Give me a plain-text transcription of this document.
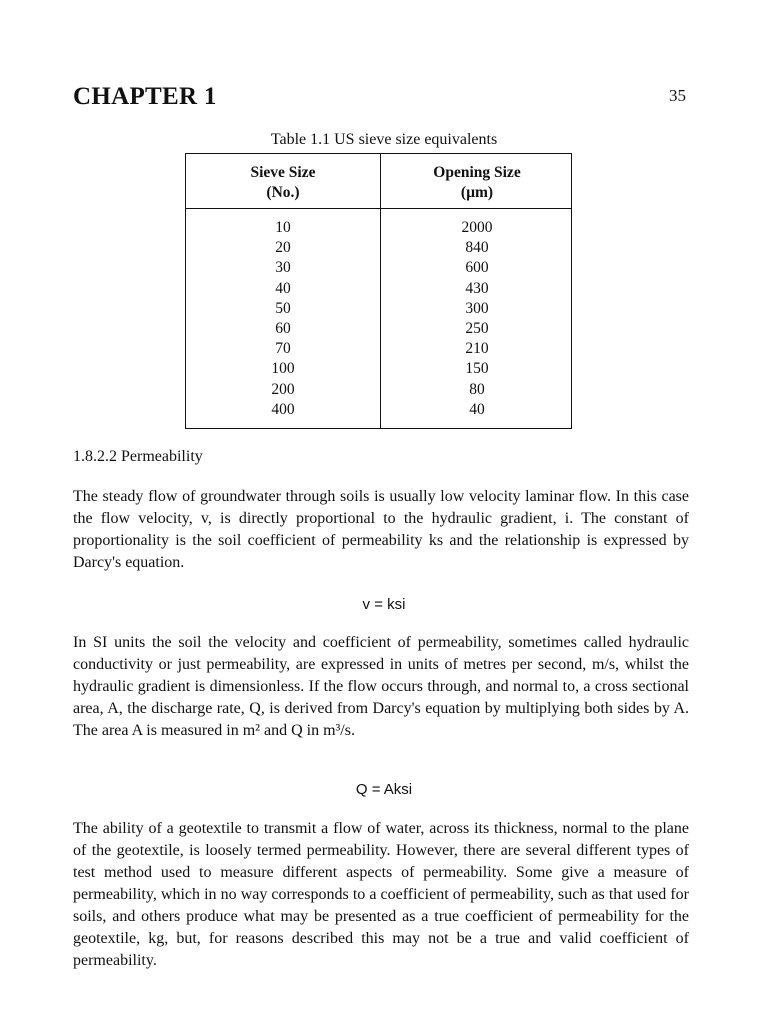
CHAPTER 1	35
Table 1.1 US sieve size equivalents
Sieve Size
(No.)
Opening Size
(µm)
10
20
30
40
50
60
70
100
200
400
2000
840
600
430
300
250
210
150
80
40
1.8.2.2 Permeability

The steady flow of groundwater through soils is usually low velocity laminar flow. In this case the flow velocity, v, is directly proportional to the hydraulic gradient, i. The constant of proportionality is the soil coefficient of permeability ks and the relationship is expressed by Darcy's equation.

v = ksi

In SI units the soil the velocity and coefficient of permeability, sometimes called hydraulic conductivity or just permeability, are expressed in units of metres per second, m/s, whilst the hydraulic gradient is dimensionless. If the flow occurs through, and normal to, a cross sectional area, A, the discharge rate, Q, is derived from Darcy's equation by multiplying both sides by A. The area A is measured in m² and Q in m³/s.

Q = Aksi

The ability of a geotextile to transmit a flow of water, across its thickness, normal to the plane of the geotextile, is loosely termed permeability. However, there are several different types of test method used to measure different aspects of permeability. Some give a measure of permeability, which in no way corresponds to a coefficient of permeability, such as that used for soils, and others produce what may be presented as a true coefficient of permeability for the geotextile, kg, but, for reasons described this may not be a true and valid coefficient of permeability.
